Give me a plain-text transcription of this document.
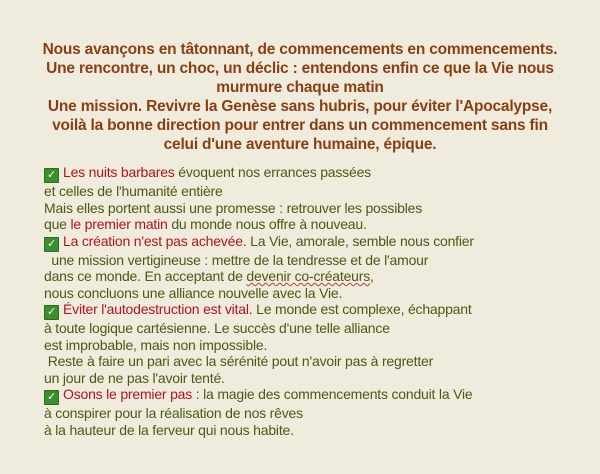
Nous avançons en tâtonnant, de commencements en commencements.
Une rencontre, un choc, un déclic : entendons enfin ce que la Vie nous
murmure chaque matin
Une mission. Revivre la Genèse sans hubris, pour éviter l'Apocalypse,
voilà la bonne direction pour entrer dans un commencement sans fin
celui d'une aventure humaine, épique.
✓ Les nuits barbares évoquent nos errances passées
et celles de l'humanité entière
Mais elles portent aussi une promesse : retrouver les possibles
que le premier matin du monde nous offre à nouveau.
✓ La création n'est pas achevée. La Vie, amorale, semble nous confier
une mission vertigineuse : mettre de la tendresse et de l'amour
dans ce monde. En acceptant de devenir co-créateurs,
nous concluons une alliance nouvelle avec la Vie.
✓ Éviter l'autodestruction est vital. Le monde est complexe, échappant
à toute logique cartésienne. Le succès d'une telle alliance
est improbable, mais non impossible.
Reste à faire un pari avec la sérénité pout n'avoir pas à regretter
un jour de ne pas l'avoir tenté.
✓ Osons le premier pas : la magie des commencements conduit la Vie
à conspirer pour la réalisation de nos rêves
à la hauteur de la ferveur qui nous habite.
